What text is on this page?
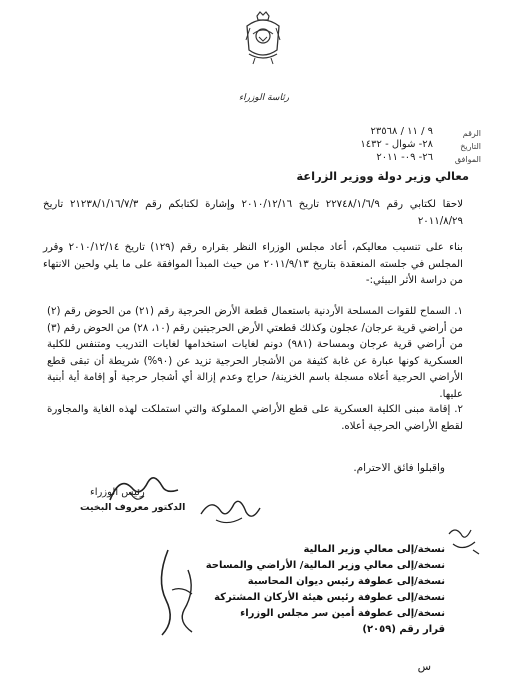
رئاسة الوزراء
الرقم
التاريخ
الموافق
٩ / ١١ / ٢٣٥٦٨
٢٨- شوال - ١٤٣٢
٢٦- ٠٩- ٢٠١١
معالي وزير دولة ووزير الزراعة
لاحقا لكتابي رقم ٢٢٧٤٨/١/٦/٩ تاريخ ٢٠١٠/١٢/١٦ وإشارة لكتابكم رقم ٢١٢٣٨/١/١٦/٧/٣ تاريخ ٢٠١١/٨/٢٩
بناء على تنسيب معاليكم، أعاد مجلس الوزراء النظر بقراره رقم (١٢٩) تاريخ ٢٠١٠/١٢/١٤ وقرر المجلس في جلسته المنعقدة بتاريخ ٢٠١١/٩/١٣ من حيث المبدأ الموافقة على ما يلي ولحين الانتهاء من دراسة الأثر البيئي:-
١. السماح للقوات المسلحة الأردنية باستعمال قطعة الأرض الحرجية رقم (٢١) من الحوض رقم (٢) من أراضي قرية عرجان/ عجلون وكذلك قطعتي الأرض الحرجيتين رقم (١٠، ٢٨) من الحوض رقم (٣) من أراضي قرية عرجان وبمساحة (٩٨١) دونم لغايات استخدامها لغايات التدريب ومتنفس للكلية العسكرية كونها عبارة عن غابة كثيفة من الأشجار الحرجية تزيد عن (٩٠%) شريطة أن تبقى قطع الأراضي الحرجية أعلاه مسجلة باسم الخزينة/ حراج وعدم إزالة أي أشجار حرجية أو إقامة أية أبنية عليها.
٢. إقامة مبنى الكلية العسكرية على قطع الأراضي المملوكة والتي استملكت لهذه الغاية والمجاورة لقطع الأراضي الحرجية أعلاه.
واقبلوا فائق الاحترام.
رئيس الوزراء
الدكتور معروف البخيت
نسخة/إلى معالي وزير المالية
نسخة/إلى معالي وزير المالية/ الأراضي والمساحة
نسخة/إلى عطوفة رئيس ديوان المحاسبة
نسخة/إلى عطوفة رئيس هيئة الأركان المشتركة
نسخة/إلى عطوفة أمين سر مجلس الوزراء
قرار رقم (٢٠٥٩)
س
